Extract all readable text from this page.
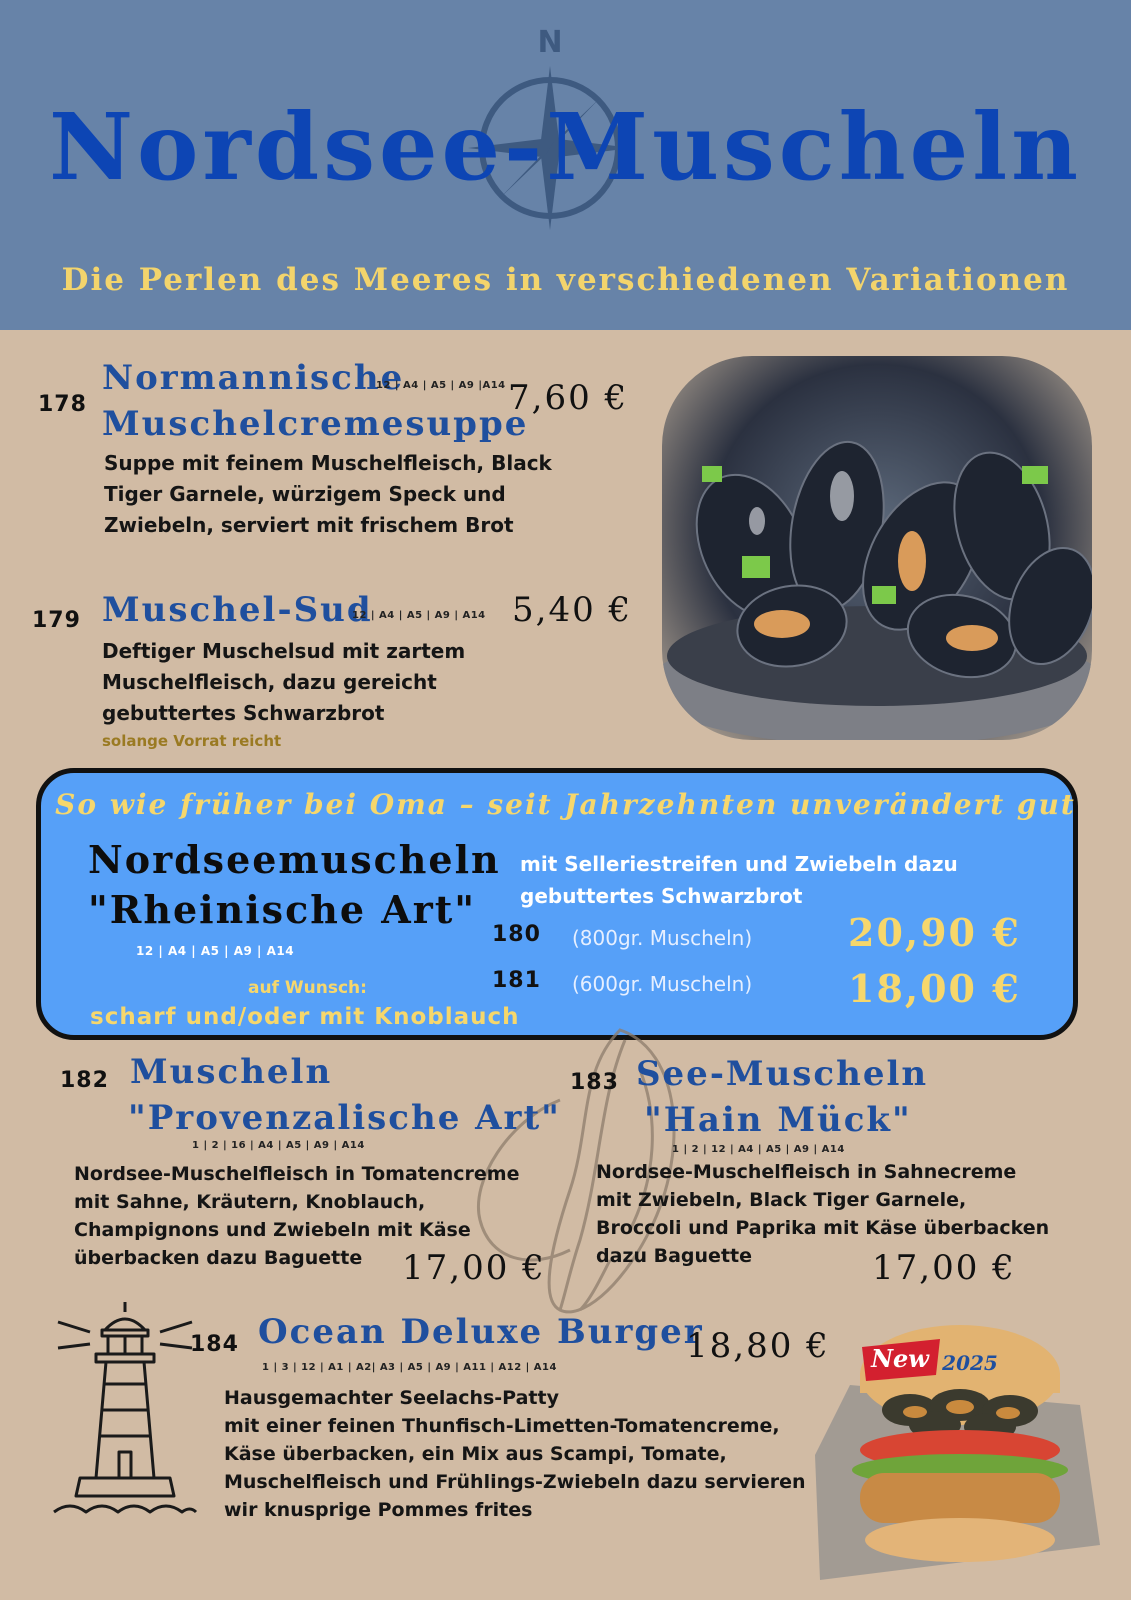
N
Nordsee-Muscheln
Die Perlen des Meeres in verschiedenen Variationen
178
Normannische
Muschelcremesuppe
12 | A4 | A5 | A9 |A14 7,60 €
Suppe mit feinem Muschelfleisch, Black
Tiger Garnele, würzigem Speck und
Zwiebeln, serviert mit frischem Brot
179 Muschel-Sud
12 | A4 | A5 | A9 | A14 5,40 €
Deftiger Muschelsud mit zartem
Muschelfleisch, dazu gereicht
gebuttertes Schwarzbrot
solange Vorrat reicht
So wie früher bei Oma – seit Jahrzehnten unverändert gut
Nordseemuscheln
"Rheinische Art"
12 | A4 | A5 | A9 | A14
mit Selleriestreifen und Zwiebeln dazu
gebuttertes Schwarzbrot
180 (800gr. Muscheln)	20,90 €
181 (600gr. Muscheln)	18,00 €
auf Wunsch:
scharf und/oder mit Knoblauch
182 Muscheln
"Provenzalische Art"
1 | 2 | 16 | A4 | A5 | A9 | A14
Nordsee-Muschelfleisch in Tomatencreme
mit Sahne, Kräutern, Knoblauch,
Champignons und Zwiebeln mit Käse
überbacken dazu Baguette	17,00 €
183 See-Muscheln
"Hain Mück"
1 | 2 | 12 | A4 | A5 | A9 | A14
Nordsee-Muschelfleisch in Sahnecreme
mit Zwiebeln, Black Tiger Garnele,
Broccoli und Paprika mit Käse überbacken
dazu Baguette	17,00 €
184 Ocean Deluxe Burger
1 | 3 | 12 | A1 | A2| A3 | A5 | A9 | A11 | A12 | A14
18,80 €
Hausgemachter Seelachs-Patty
mit einer feinen Thunfisch-Limetten-Tomatencreme,
Käse überbacken, ein Mix aus Scampi, Tomate,
Muschelfleisch und Frühlings-Zwiebeln dazu servieren
wir knusprige Pommes frites
New 2025
